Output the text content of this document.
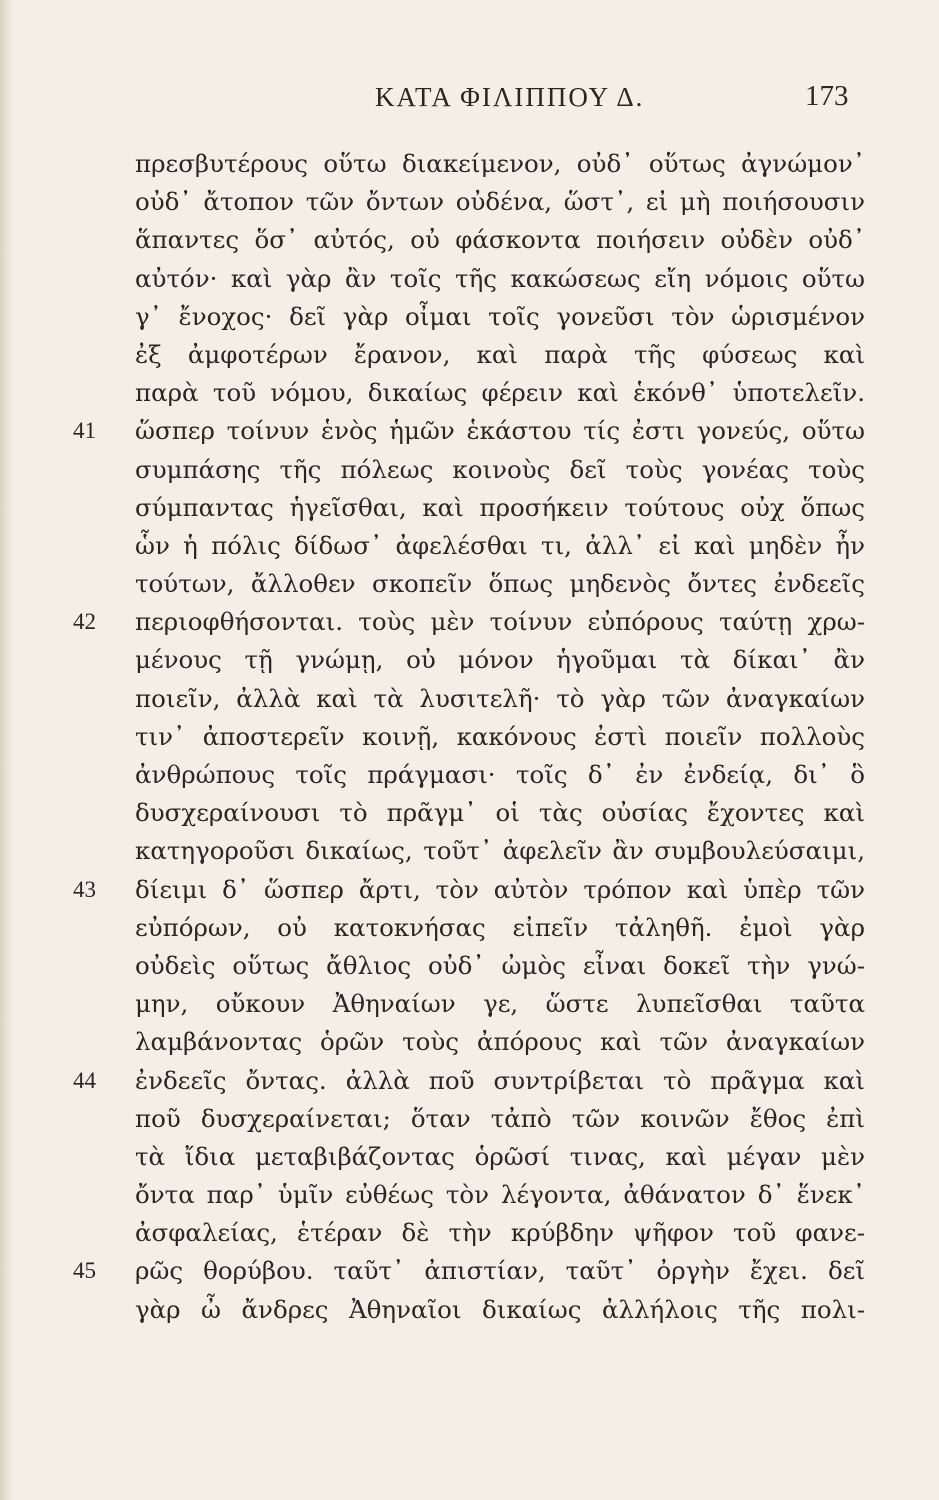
ΚΑΤΑ ΦΙΛΙΠΠΟΥ Δ.	173
πρεσβυτέρους οὕτω διακείμενον, οὐδ᾿ οὕτως ἀγνώμον᾿
οὐδ᾿ ἄτοπον τῶν ὄντων οὐδένα, ὥστ᾿, εἰ μὴ ποιήσουσιν
ἅπαντες ὅσ᾿ αὐτός, οὐ φάσκοντα ποιήσειν οὐδὲν οὐδ᾿
αὐτόν· καὶ γὰρ ἂν τοῖς τῆς κακώσεως εἴη νόμοις οὕτω
γ᾿ ἔνοχος· δεῖ γὰρ οἶμαι τοῖς γονεῦσι τὸν ὡρισμένον
ἐξ ἀμφοτέρων ἔρανον, καὶ παρὰ τῆς φύσεως καὶ
παρὰ τοῦ νόμου, δικαίως φέρειν καὶ ἑκόνθ᾿ ὑποτελεῖν.
41	ὥσπερ τοίνυν ἑνὸς ἡμῶν ἑκάστου τίς ἐστι γονεύς, οὕτω
συμπάσης τῆς πόλεως κοινοὺς δεῖ τοὺς γονέας τοὺς
σύμπαντας ἡγεῖσθαι, καὶ προσήκειν τούτους οὐχ ὅπως
ὧν ἡ πόλις δίδωσ᾿ ἀφελέσθαι τι, ἀλλ᾿ εἰ καὶ μηδὲν ἦν
τούτων, ἄλλοθεν σκοπεῖν ὅπως μηδενὸς ὄντες ἐνδεεῖς
42	περιοφθήσονται. τοὺς μὲν τοίνυν εὐπόρους ταύτῃ χρω-
μένους τῇ γνώμῃ, οὐ μόνον ἡγοῦμαι τὰ δίκαι᾿ ἂν
ποιεῖν, ἀλλὰ καὶ τὰ λυσιτελῆ· τὸ γὰρ τῶν ἀναγκαίων
τιν᾿ ἀποστερεῖν κοινῇ, κακόνους ἐστὶ ποιεῖν πολλοὺς
ἀνθρώπους τοῖς πράγμασι· τοῖς δ᾿ ἐν ἐνδείᾳ, δι᾿ ὃ
δυσχεραίνουσι τὸ πρᾶγμ᾿ οἱ τὰς οὐσίας ἔχοντες καὶ
κατηγοροῦσι δικαίως, τοῦτ᾿ ἀφελεῖν ἂν συμβουλεύσαιμι,
43	δίειμι δ᾿ ὥσπερ ἄρτι, τὸν αὐτὸν τρόπον καὶ ὑπὲρ τῶν
εὐπόρων, οὐ κατοκνήσας εἰπεῖν τἀληθῆ. ἐμοὶ γὰρ
οὐδεὶς οὕτως ἄθλιος οὐδ᾿ ὠμὸς εἶναι δοκεῖ τὴν γνώ-
μην, οὔκουν Ἀθηναίων γε, ὥστε λυπεῖσθαι ταῦτα
λαμβάνοντας ὁρῶν τοὺς ἀπόρους καὶ τῶν ἀναγκαίων
44	ἐνδεεῖς ὄντας. ἀλλὰ ποῦ συντρίβεται τὸ πρᾶγμα καὶ
ποῦ δυσχεραίνεται; ὅταν τἀπὸ τῶν κοινῶν ἔθος ἐπὶ
τὰ ἴδια μεταβιβάζοντας ὁρῶσί τινας, καὶ μέγαν μὲν
ὄντα παρ᾿ ὑμῖν εὐθέως τὸν λέγοντα, ἀθάνατον δ᾿ ἕνεκ᾿
ἀσφαλείας, ἑτέραν δὲ τὴν κρύβδην ψῆφον τοῦ φανε-
45	ρῶς θορύβου. ταῦτ᾿ ἀπιστίαν, ταῦτ᾿ ὀργὴν ἔχει. δεῖ
γὰρ ὦ ἄνδρες Ἀθηναῖοι δικαίως ἀλλήλοις τῆς πολι-
